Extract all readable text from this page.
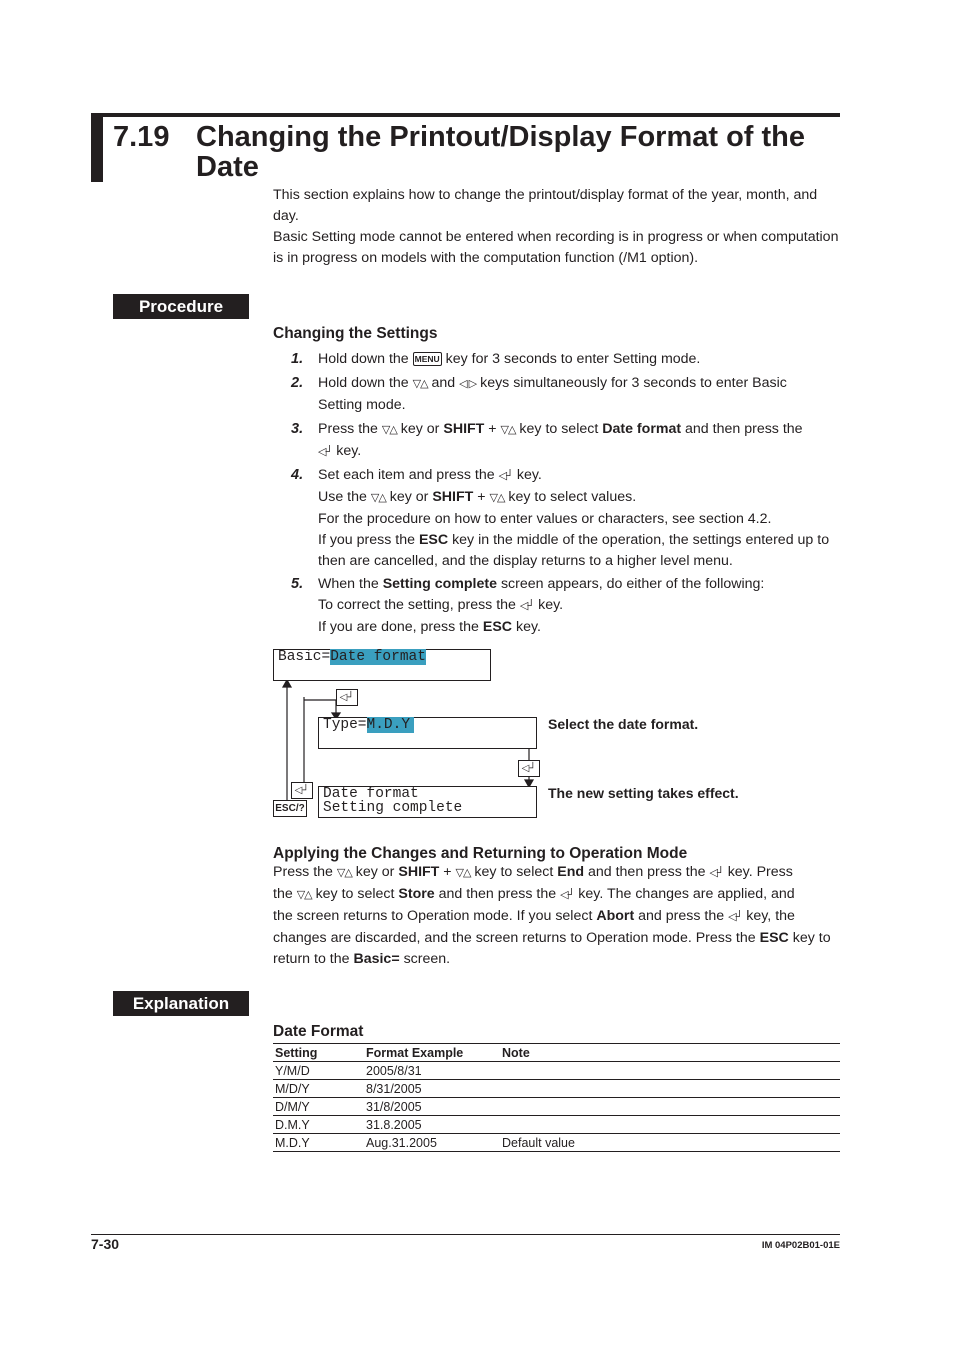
7.19 Changing the Printout/Display Format of the Date
This section explains how to change the printout/display format of the year, month, and day.
Basic Setting mode cannot be entered when recording is in progress or when computation is in progress on models with the computation function (/M1 option).
Procedure
Changing the Settings
1. Hold down the MENU key for 3 seconds to enter Setting mode.
2. Hold down the ▽△ and ◁ ▷ keys simultaneously for 3 seconds to enter Basic
Setting mode.
3. Press the ▽△ key or SHIFT + ▽△ key to select Date format and then press the
◁┘ key.
4. Set each item and press the ◁┘ key.
Use the ▽△ key or SHIFT + ▽△ key to select values.
For the procedure on how to enter values or characters, see section 4.2.
If you press the ESC key in the middle of the operation, the settings entered up to
then are cancelled, and the display returns to a higher level menu.
5. When the Setting complete screen appears, do either of the following:
To correct the setting, press the ◁┘ key.
If you are done, press the ESC key.
Basic=Date format
◁┘
Type=M.D.Y	Select the date format.
◁┘
◁┘
ESC/?
Date format
Setting complete
The new setting takes effect.
Applying the Changes and Returning to Operation Mode
Press the ▽△ key or SHIFT + ▽△ key to select End and then press the ◁┘ key. Press
the ▽△ key to select Store and then press the ◁┘ key. The changes are applied, and
the screen returns to Operation mode. If you select Abort and press the ◁┘ key, the
changes are discarded, and the screen returns to Operation mode. Press the ESC key to
return to the Basic= screen.
Explanation
Date Format
Setting	Format Example	Note
Y/M/D	2005/8/31	
M/D/Y	8/31/2005	
D/M/Y	31/8/2005	
D.M.Y	31.8.2005	
M.D.Y	Aug.31.2005	Default value
7-30	IM 04P02B01-01E
